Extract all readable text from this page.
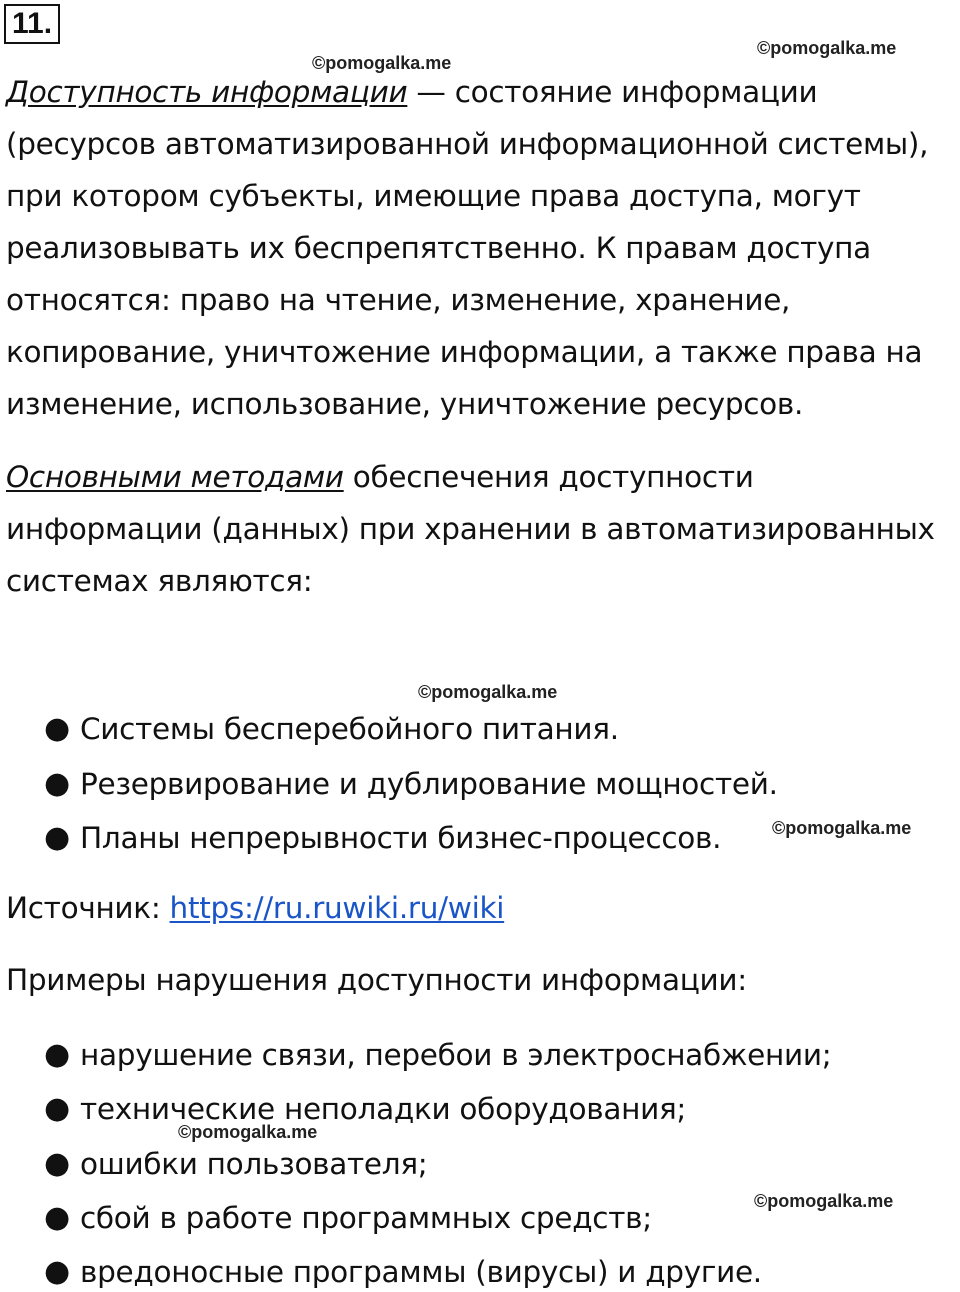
11.
©pomogalka.me
©pomogalka.me
©pomogalka.me
©pomogalka.me
©pomogalka.me
Доступность информации — состояние информации
(ресурсов автоматизированной информационной системы),
при котором субъекты, имеющие права доступа, могут
реализовывать их беспрепятственно. К правам доступа
относятся: право на чтение, изменение, хранение,
копирование, уничтожение информации, а также права на
изменение, использование, уничтожение ресурсов.
Основными методами обеспечения доступности
информации (данных) при хранении в автоматизированных
системах являются:
● Системы бесперебойного питания.
● Резервирование и дублирование мощностей.
● Планы непрерывности бизнес-процессов.
Источник: https://ru.ruwiki.ru/wiki
Примеры нарушения доступности информации:
● нарушение связи, перебои в электроснабжении;
● технические неполадки оборудования;
©pomogalka.me
● ошибки пользователя;
● сбой в работе программных средств;
● вредоносные программы (вирусы) и другие.
